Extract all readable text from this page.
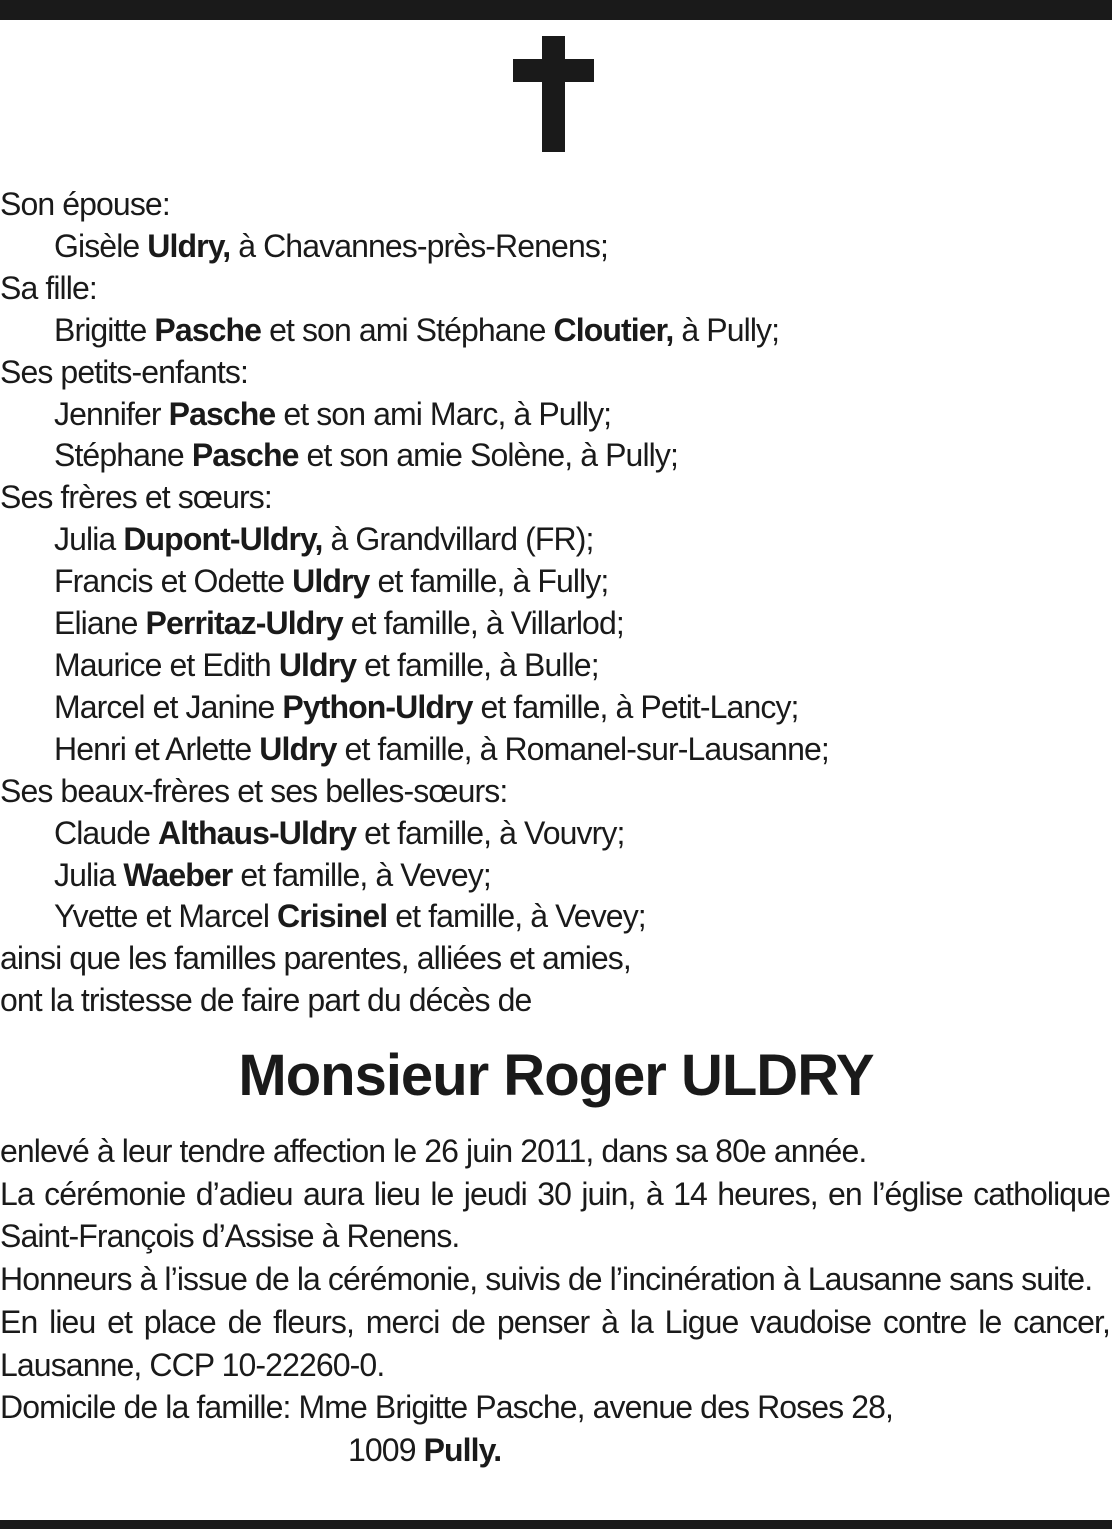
Son épouse:
Gisèle Uldry, à Chavannes-près-Renens;
Sa fille:
Brigitte Pasche et son ami Stéphane Cloutier, à Pully;
Ses petits-enfants:
Jennifer Pasche et son ami Marc, à Pully;
Stéphane Pasche et son amie Solène, à Pully;
Ses frères et sœurs:
Julia Dupont-Uldry, à Grandvillard (FR);
Francis et Odette Uldry et famille, à Fully;
Eliane Perritaz-Uldry et famille, à Villarlod;
Maurice et Edith Uldry et famille, à Bulle;
Marcel et Janine Python-Uldry et famille, à Petit-Lancy;
Henri et Arlette Uldry et famille, à Romanel-sur-Lausanne;
Ses beaux-frères et ses belles-sœurs:
Claude Althaus-Uldry et famille, à Vouvry;
Julia Waeber et famille, à Vevey;
Yvette et Marcel Crisinel et famille, à Vevey;
ainsi que les familles parentes, alliées et amies,
ont la tristesse de faire part du décès de
Monsieur Roger ULDRY
enlevé à leur tendre affection le 26 juin 2011, dans sa 80e année.
La cérémonie d’adieu aura lieu le jeudi 30 juin, à 14 heures, en l’église catholique Saint-François d’Assise à Renens.
Honneurs à l’issue de la cérémonie, suivis de l’incinération à Lausanne sans suite.
En lieu et place de fleurs, merci de penser à la Ligue vaudoise contre le cancer, Lausanne, CCP 10-22260-0.
Domicile de la famille: Mme Brigitte Pasche, avenue des Roses 28,
1009 Pully.
